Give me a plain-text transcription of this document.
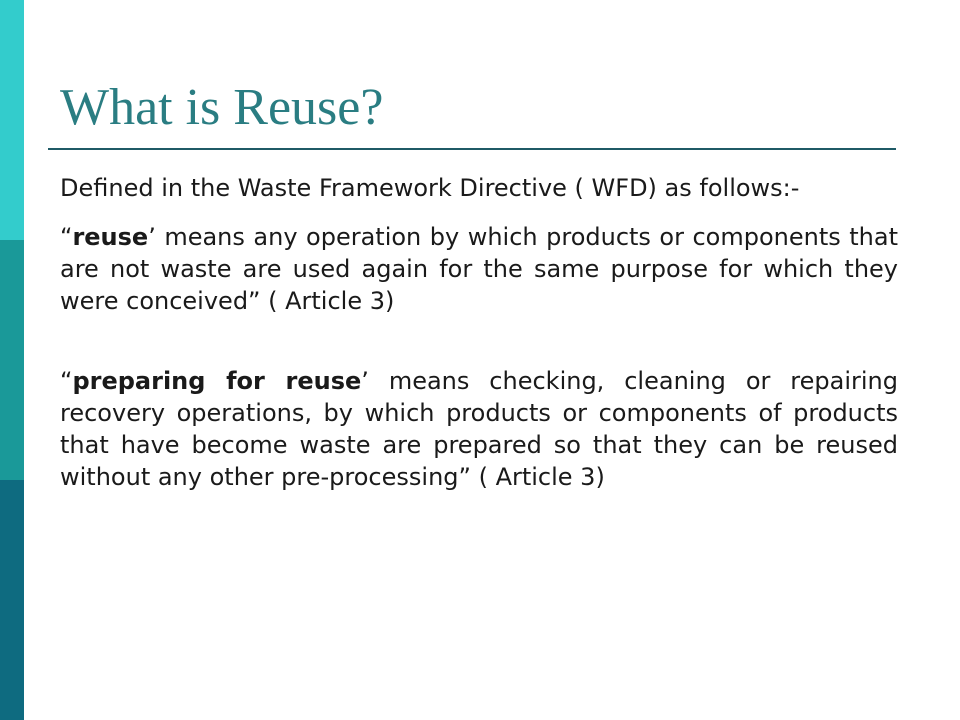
What is Reuse?

Defined in the Waste Framework Directive ( WFD) as follows:-

“reuse’ means any operation by which products or components that are not waste are used again for the same purpose for which they were conceived” ( Article 3)

“preparing for reuse’ means checking, cleaning or repairing recovery operations, by which products or components of products that have become waste are prepared so that they can be reused without any other pre-processing” ( Article 3)
